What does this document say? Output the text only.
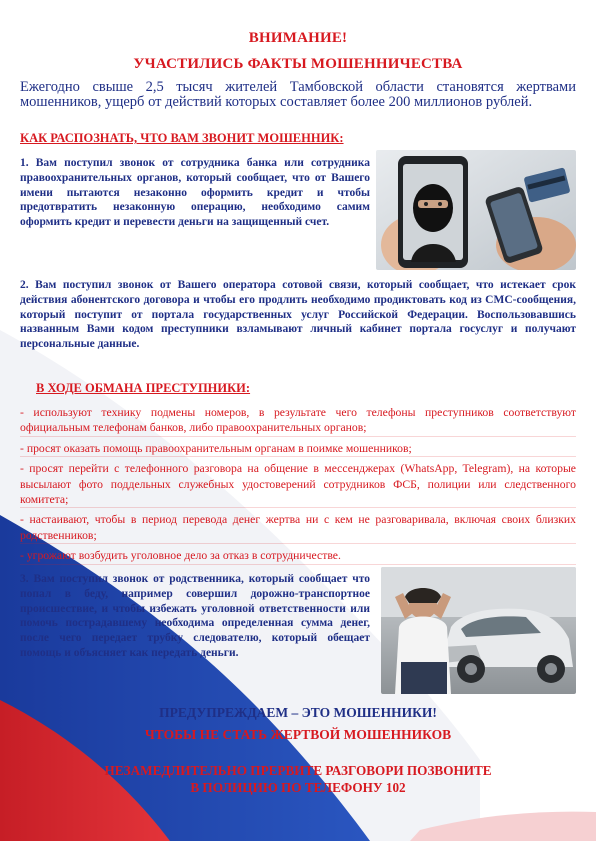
ВНИМАНИЕ!
УЧАСТИЛИСЬ ФАКТЫ МОШЕННИЧЕСТВА

Ежегодно свыше 2,5 тысяч жителей Тамбовской области становятся жертвами мошенников, ущерб от действий которых составляет более 200 миллионов рублей.

КАК РАСПОЗНАТЬ, ЧТО ВАМ ЗВОНИТ МОШЕННИК:

1. Вам поступил звонок от сотрудника банка или сотрудника правоохранительных органов, который сообщает, что от Вашего имени пытаются незаконно оформить кредит и чтобы предотвратить незаконную операцию, необходимо самим оформить кредит и перевести деньги на защищенный счет.

2. Вам поступил звонок от Вашего оператора сотовой связи, который сообщает, что истекает срок действия абонентского договора и чтобы его продлить необходимо продиктовать код из СМС-сообщения, который поступит от портала государственных услуг Российской Федерации. Воспользовавшись названным Вами кодом преступники взламывают личный кабинет портала госуслуг и получают персональные данные.

В ХОДЕ ОБМАНА ПРЕСТУПНИКИ:

- используют технику подмены номеров, в результате чего телефоны преступников соответствуют официальным телефонам банков, либо правоохранительных органов;
- просят оказать помощь правоохранительным органам в поимке мошенников;
- просят перейти с телефонного разговора на общение в мессенджерах (WhatsApp, Telegram), на которые высылают фото поддельных служебных удостоверений сотрудников ФСБ, полиции или следственного комитета;
- настаивают, чтобы в период перевода денег жертва ни с кем не разговаривала, включая своих близких родственников;
- угрожают возбудить уголовное дело за отказ в сотрудничестве.

3. Вам поступил звонок от родственника, который сообщает что попал в беду, например совершил дорожно-транспортное происшествие, и чтобы избежать уголовной ответственности или помочь пострадавшему необходима определенная сумма денег, после чего передает трубку следователю, который обещает помощь и объясняет как передать деньги.

ПРЕДУПРЕЖДАЕМ – ЭТО МОШЕННИКИ!
ЧТОБЫ НЕ СТАТЬ ЖЕРТВОЙ МОШЕННИКОВ
НЕЗАМЕДЛИТЕЛЬНО ПРЕРВИТЕ РАЗГОВОРИ ПОЗВОНИТЕ
В ПОЛИЦИЮ ПО ТЕЛЕФОНУ 102
